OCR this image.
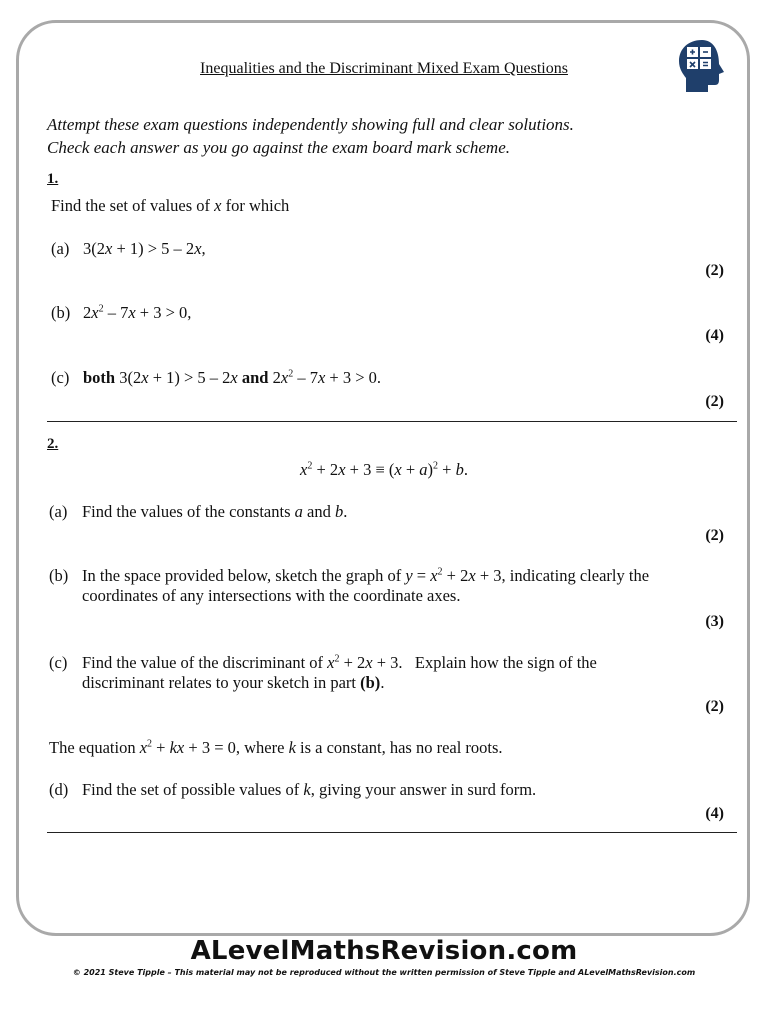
Inequalities and the Discriminant Mixed Exam Questions
Attempt these exam questions independently showing full and clear solutions.
Check each answer as you go against the exam board mark scheme.
1.
Find the set of values of x for which
(a) 3(2x + 1) > 5 – 2x,
(2)
(b) $2x^2 - 7x + 3 > 0$,
(4)
(c) both 3(2x + 1) > 5 – 2x and $2x^2 - 7x + 3 > 0$.
(2)
2.
$x^2 + 2x + 3 \equiv (x + a)^2 + b$.
(a) Find the values of the constants a and b.
(2)
(b) In the space provided below, sketch the graph of $y = x^2 + 2x + 3$, indicating clearly the
coordinates of any intersections with the coordinate axes.
(3)
(c) Find the value of the discriminant of $x^2 + 2x + 3$.   Explain how the sign of the
discriminant relates to your sketch in part (b).
(2)
The equation $x^2$ + kx + 3 = 0, where k is a constant, has no real roots.
(d) Find the set of possible values of k, giving your answer in surd form.
(4)
ALevelMathsRevision.com
© 2021 Steve Tipple – This material may not be reproduced without the written permission of Steve Tipple and ALevelMathsRevision.com
